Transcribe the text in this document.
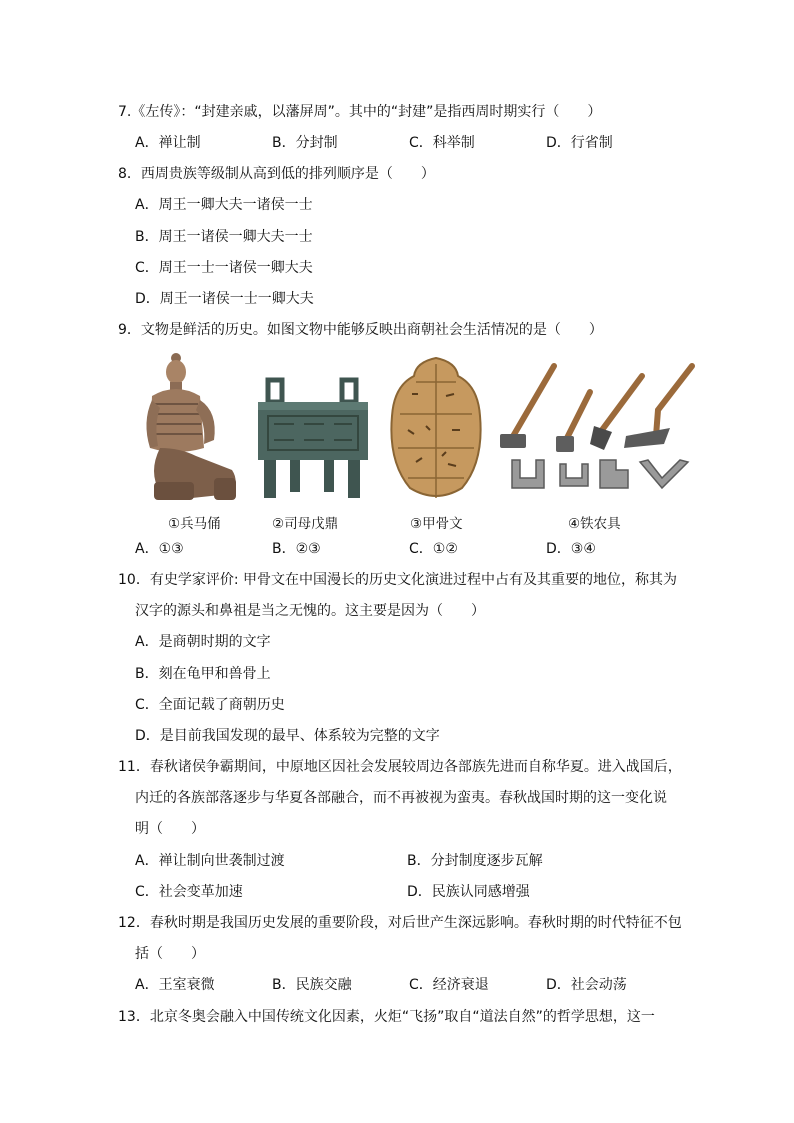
7.《左传》：“封建亲戚，以藩屏周”。其中的“封建”是指西周时期实行（　　）
A．禅让制	B．分封制	C．科举制	D．行省制
8．西周贵族等级制从高到低的排列顺序是（　　）
A．周王一卿大夫一诸侯一士
B．周王一诸侯一卿大夫一士
C．周王一士一诸侯一卿大夫
D．周王一诸侯一士一卿大夫
9．文物是鲜活的历史。如图文物中能够反映出商朝社会生活情况的是（　　）
①兵马俑	②司母戊鼎	③甲骨文	④铁农具
A．①③	B．②③	C．①②	D．③④
10．有史学家评价: 甲骨文在中国漫长的历史文化演进过程中占有及其重要的地位，称其为
汉字的源头和鼻祖是当之无愧的。这主要是因为（　　）
A．是商朝时期的文字
B．刻在龟甲和兽骨上
C．全面记载了商朝历史
D．是目前我国发现的最早、体系较为完整的文字
11．春秋诸侯争霸期间，中原地区因社会发展较周边各部族先进而自称华夏。进入战国后，
内迁的各族部落逐步与华夏各部融合，而不再被视为蛮夷。春秋战国时期的这一变化说
明（　　）
A．禅让制向世袭制过渡	B．分封制度逐步瓦解
C．社会变革加速	D．民族认同感增强
12．春秋时期是我国历史发展的重要阶段，对后世产生深远影响。春秋时期的时代特征不包
括（　　）
A．王室衰微	B．民族交融	C．经济衰退	D．社会动荡
13．北京冬奥会融入中国传统文化因素，火炬“飞扬”取自“道法自然”的哲学思想，这一
